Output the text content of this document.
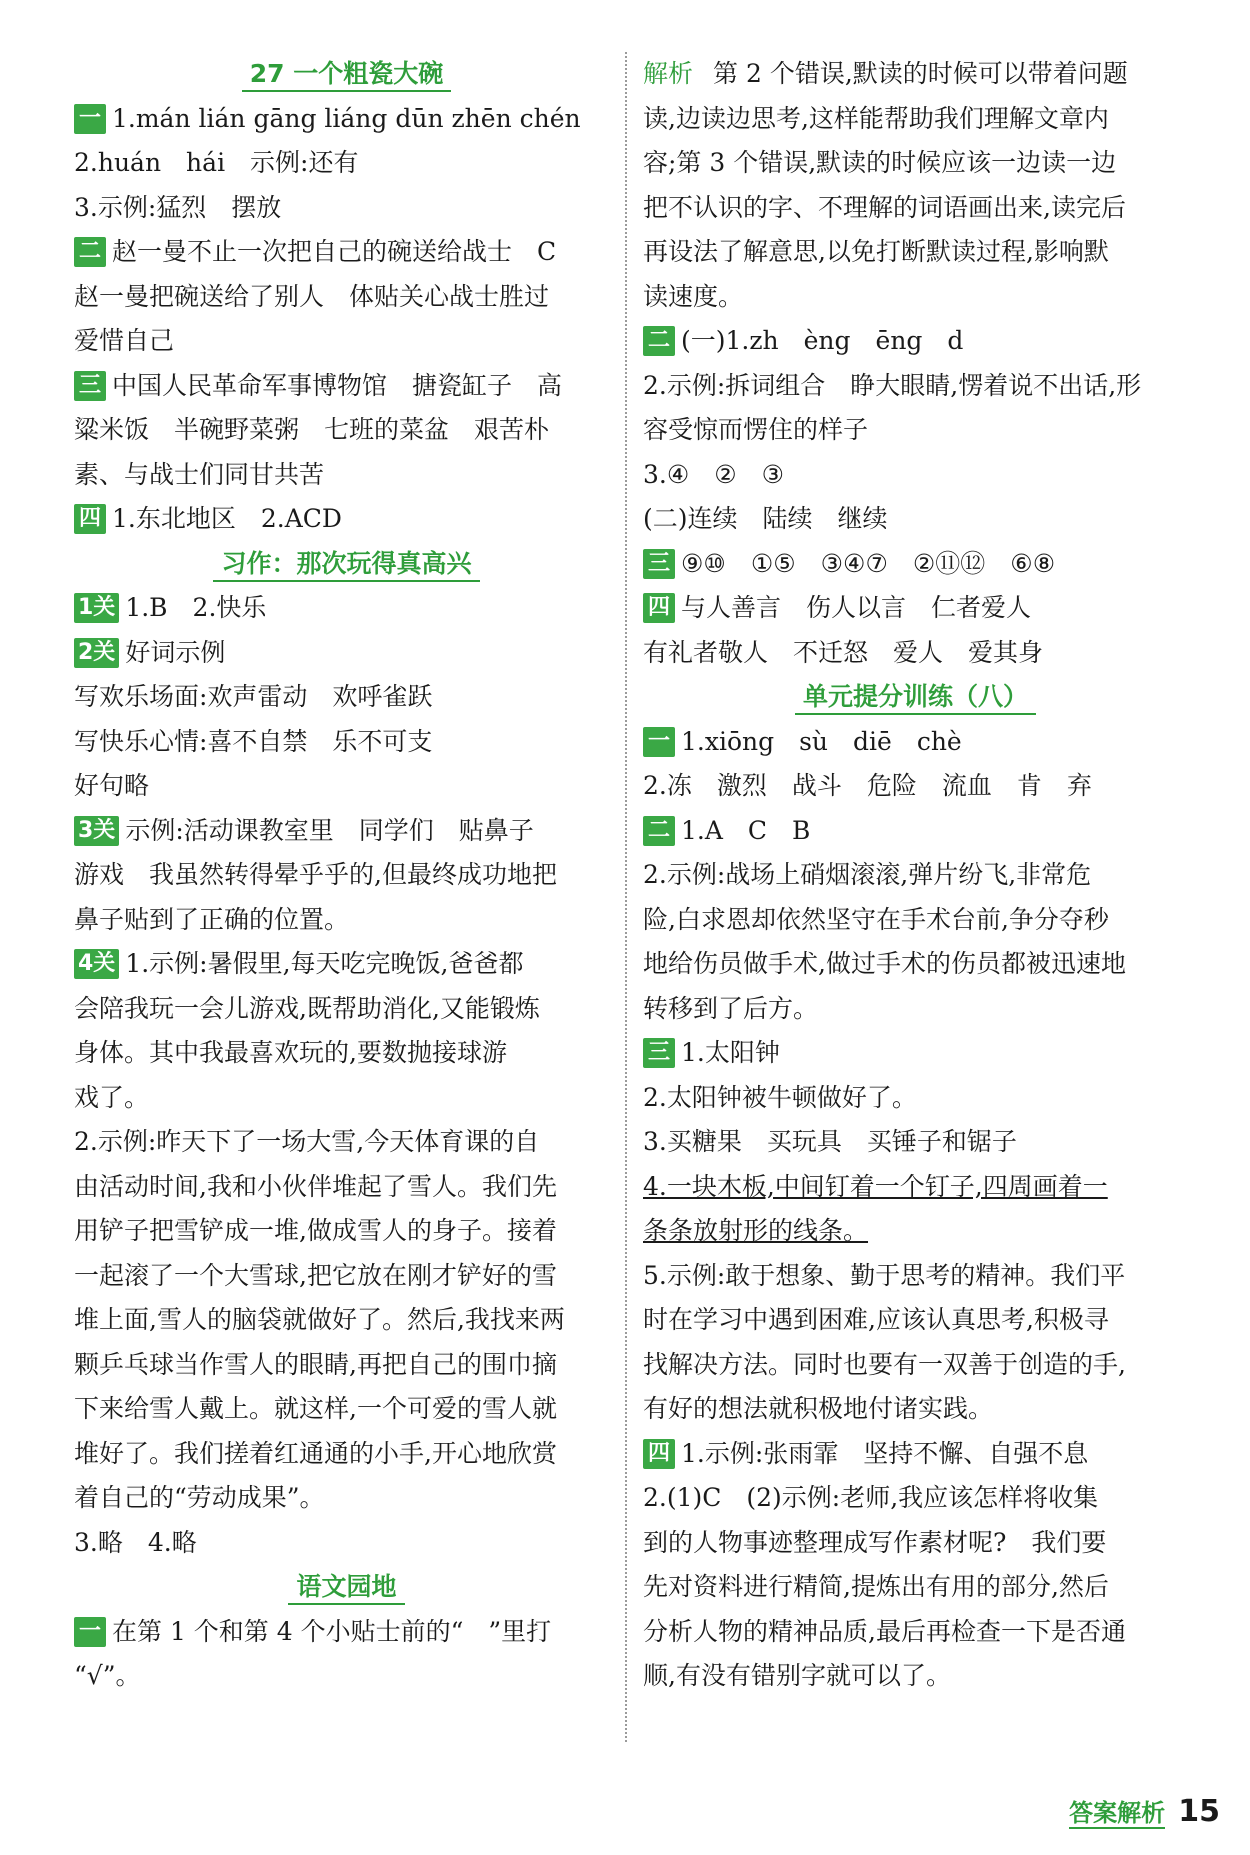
27 一个粗瓷大碗
一 1.mán lián gāng liáng dūn zhēn chén
2.huán　hái　示例:还有
3.示例:猛烈　摆放
二 赵一曼不止一次把自己的碗送给战士　C
赵一曼把碗送给了别人　体贴关心战士胜过
爱惜自己
三 中国人民革命军事博物馆　搪瓷缸子　高
粱米饭　半碗野菜粥　七班的菜盆　艰苦朴
素、与战士们同甘共苦
四 1.东北地区　2.ACD
习作：那次玩得真高兴
1关 1.B　2.快乐
2关 好词示例
写欢乐场面:欢声雷动　欢呼雀跃
写快乐心情:喜不自禁　乐不可支
好句略
3关 示例:活动课教室里　同学们　贴鼻子
游戏　我虽然转得晕乎乎的,但最终成功地把
鼻子贴到了正确的位置。
4关 1.示例:暑假里,每天吃完晚饭,爸爸都
会陪我玩一会儿游戏,既帮助消化,又能锻炼
身体。其中我最喜欢玩的,要数抛接球游
戏了。
2.示例:昨天下了一场大雪,今天体育课的自
由活动时间,我和小伙伴堆起了雪人。我们先
用铲子把雪铲成一堆,做成雪人的身子。接着
一起滚了一个大雪球,把它放在刚才铲好的雪
堆上面,雪人的脑袋就做好了。然后,我找来两
颗乒乓球当作雪人的眼睛,再把自己的围巾摘
下来给雪人戴上。就这样,一个可爱的雪人就
堆好了。我们搓着红通通的小手,开心地欣赏
着自己的“劳动成果”。
3.略　4.略
语文园地
一 在第 1 个和第 4 个小贴士前的“　”里打
“√”。
解析 第 2 个错误,默读的时候可以带着问题
读,边读边思考,这样能帮助我们理解文章内
容;第 3 个错误,默读的时候应该一边读一边
把不认识的字、不理解的词语画出来,读完后
再设法了解意思,以免打断默读过程,影响默
读速度。
二 (一)1.zh　èng　ēng　d
2.示例:拆词组合　睁大眼睛,愣着说不出话,形
容受惊而愣住的样子
3.④　②　③
(二)连续　陆续　继续
三 ⑨⑩　①⑤　③④⑦　②⑪⑫　⑥⑧
四 与人善言　伤人以言　仁者爱人
有礼者敬人　不迁怒　爱人　爱其身
单元提分训练（八）
一 1.xiōng　sù　diē　chè
2.冻　激烈　战斗　危险　流血　肯　弃
二 1.A　C　B
2.示例:战场上硝烟滚滚,弹片纷飞,非常危
险,白求恩却依然坚守在手术台前,争分夺秒
地给伤员做手术,做过手术的伤员都被迅速地
转移到了后方。
三 1.太阳钟
2.太阳钟被牛顿做好了。
3.买糖果　买玩具　买锤子和锯子
4.一块木板,中间钉着一个钉子,四周画着一
条条放射形的线条。
5.示例:敢于想象、勤于思考的精神。我们平
时在学习中遇到困难,应该认真思考,积极寻
找解决方法。同时也要有一双善于创造的手,
有好的想法就积极地付诸实践。
四 1.示例:张雨霏　坚持不懈、自强不息
2.(1)C　(2)示例:老师,我应该怎样将收集
到的人物事迹整理成写作素材呢?　我们要
先对资料进行精简,提炼出有用的部分,然后
分析人物的精神品质,最后再检查一下是否通
顺,有没有错别字就可以了。
答案解析 15
